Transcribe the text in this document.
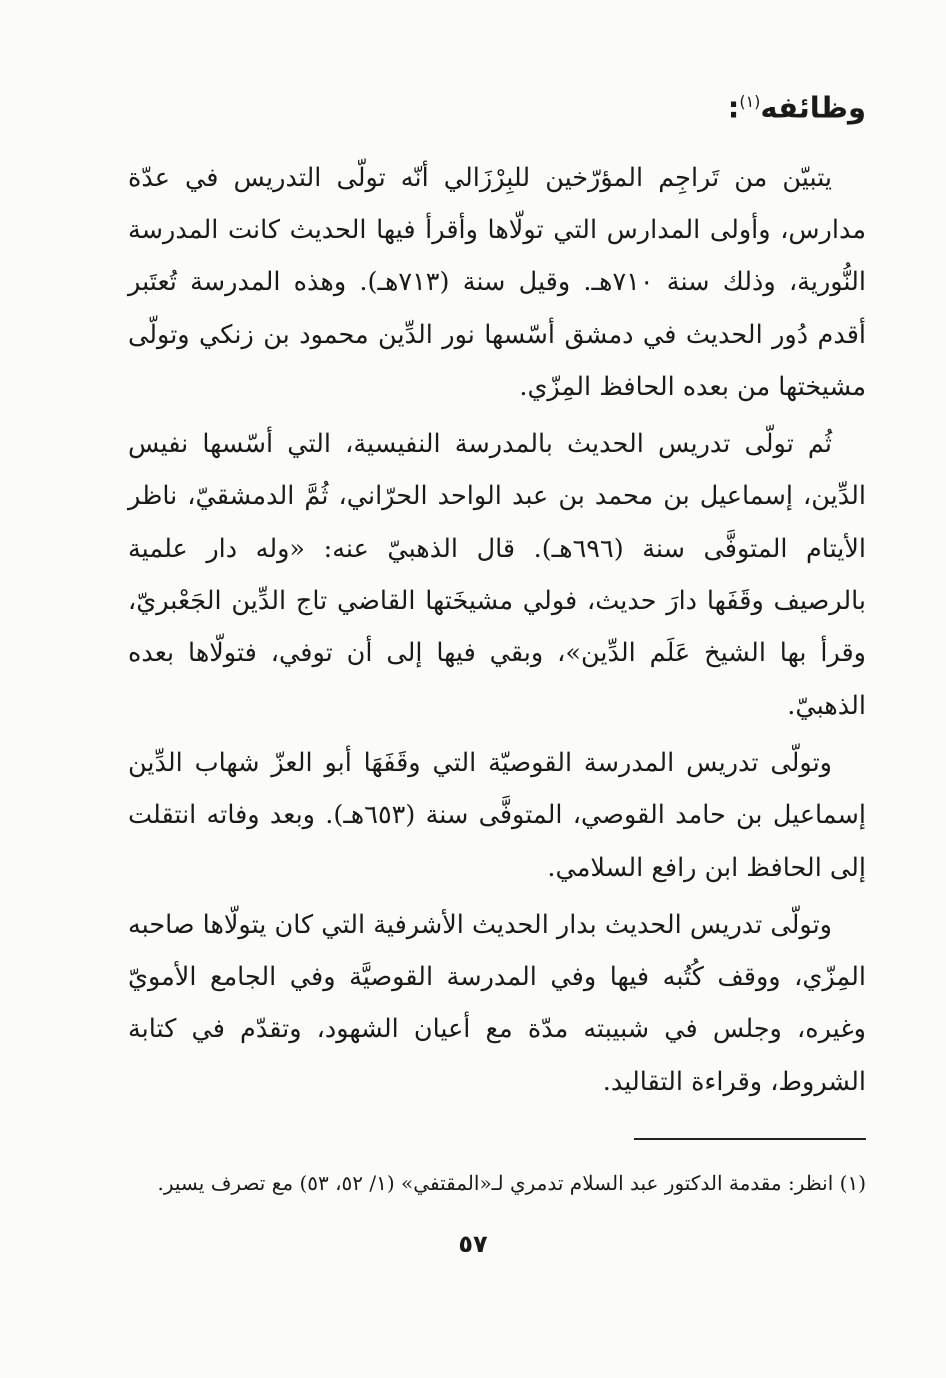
وظائفه$^{(١)}$:

يتبيّن من تَراجِم المؤرّخين للبِرْزَالي أنّه تولّى التدريس في عدّة مدارس، وأولى المدارس التي تولّاها وأقرأ فيها الحديث كانت المدرسة النُّورية، وذلك سنة ٧١٠هـ. وقيل سنة (٧١٣هـ). وهذه المدرسة تُعتَبر أقدم دُور الحديث في دمشق أسّسها نور الدِّين محمود بن زنكي وتولّى مشيختها من بعده الحافظ المِزّي.

ثُم تولّى تدريس الحديث بالمدرسة النفيسية، التي أسّسها نفيس الدِّين، إسماعيل بن محمد بن عبد الواحد الحرّاني، ثُمَّ الدمشقيّ، ناظر الأيتام المتوفَّى سنة (٦٩٦هـ). قال الذهبيّ عنه: «وله دار علمية بالرصيف وقَفَها دارَ حديث، فولي مشيخَتها القاضي تاج الدِّين الجَعْبريّ، وقرأ بها الشيخ عَلَم الدِّين»، وبقي فيها إلى أن توفي، فتولّاها بعده الذهبيّ.

وتولّى تدريس المدرسة القوصيّة التي وقَفَهَا أبو العزّ شهاب الدِّين إسماعيل بن حامد القوصي، المتوفَّى سنة (٦٥٣هـ). وبعد وفاته انتقلت إلى الحافظ ابن رافع السلامي.

وتولّى تدريس الحديث بدار الحديث الأشرفية التي كان يتولّاها صاحبه المِزّي، ووقف كُتُبه فيها وفي المدرسة القوصيَّة وفي الجامع الأمويّ وغيره، وجلس في شبيبته مدّة مع أعيان الشهود، وتقدّم في كتابة الشروط، وقراءة التقاليد.

(١) انظر: مقدمة الدكتور عبد السلام تدمري لـ«المقتفي» (١/ ٥٢، ٥٣) مع تصرف يسير.

٥٧
